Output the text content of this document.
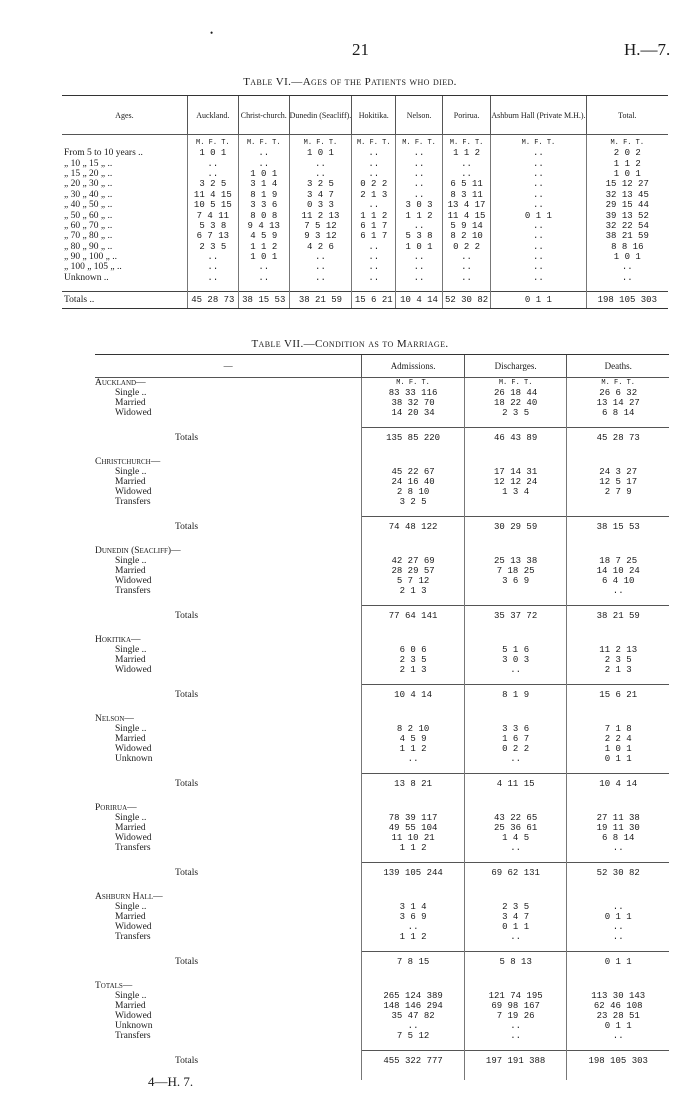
•
21	H.—7.
Table VI.—Ages of the Patients who died.
Ages.	Auckland.	Christ-church.	Dunedin (Seacliff).	Hokitika.	Nelson.	Porirua.	Ashburn Hall (Private M.H.).	Total.
	M. F. T.	M. F. T.	M. F. T.	M. F. T.	M. F. T.	M. F. T.	M. F. T.	M. F. T.
From 5 to 10 years ..	1 0 1	..	1 0 1	..	..	1 1 2	..	2 0 2
„ 10 „ 15 „ ..	..	..	..	..	..	..	..	1 1 2
„ 15 „ 20 „ ..	..	1 0 1	..	..	..	..	..	1 0 1
„ 20 „ 30 „ ..	3 2 5	3 1 4	3 2 5	0 2 2	..	6 5 11	..	15 12 27
„ 30 „ 40 „ ..	11 4 15	8 1 9	3 4 7	2 1 3	..	8 3 11	..	32 13 45
„ 40 „ 50 „ ..	10 5 15	3 3 6	0 3 3	..	3 0 3	13 4 17	..	29 15 44
„ 50 „ 60 „ ..	7 4 11	8 0 8	11 2 13	1 1 2	1 1 2	11 4 15	0 1 1	39 13 52
„ 60 „ 70 „ ..	5 3 8	9 4 13	7 5 12	6 1 7	..	5 9 14	..	32 22 54
„ 70 „ 80 „ ..	6 7 13	4 5 9	9 3 12	6 1 7	5 3 8	8 2 10	..	38 21 59
„ 80 „ 90 „ ..	2 3 5	1 1 2	4 2 6	..	1 0 1	0 2 2	..	8 8 16
„ 90 „ 100 „ ..	..	1 0 1	..	..	..	..	..	1 0 1
„ 100 „ 105 „ ..	..	..	..	..	..	..	..	..
Unknown ..	..	..	..	..	..	..	..	..

Totals ..	45 28 73	38 15 53	38 21 59	15 6 21	10 4 14	52 30 82	0 1 1	198 105 303
Table VII.—Condition as to Marriage.
—	Admissions.	Discharges.	Deaths.
Auckland—	M. F. T.	M. F. T.	M. F. T.
Single ..	83 33 116	26 18 44	26 6 32
Married	38 32 70	18 22 40	13 14 27
Widowed	14 20 34	2 3 5	6 8 14

Totals	135 85 220	46 43 89	45 28 73

Christchurch—			
Single ..	45 22 67	17 14 31	24 3 27
Married	24 16 40	12 12 24	12 5 17
Widowed	2 8 10	1 3 4	2 7 9
Transfers	3 2 5		

Totals	74 48 122	30 29 59	38 15 53

Dunedin (Seacliff)—			
Single ..	42 27 69	25 13 38	18 7 25
Married	28 29 57	7 18 25	14 10 24
Widowed	5 7 12	3 6 9	6 4 10
Transfers	2 1 3		..

Totals	77 64 141	35 37 72	38 21 59

Hokitika—			
Single ..	6 0 6	5 1 6	11 2 13
Married	2 3 5	3 0 3	2 3 5
Widowed	2 1 3	..	2 1 3

Totals	10 4 14	8 1 9	15 6 21

Nelson—			
Single ..	8 2 10	3 3 6	7 1 8
Married	4 5 9	1 6 7	2 2 4
Widowed	1 1 2	0 2 2	1 0 1
Unknown	..	..	0 1 1

Totals	13 8 21	4 11 15	10 4 14

Porirua—			
Single ..	78 39 117	43 22 65	27 11 38
Married	49 55 104	25 36 61	19 11 30
Widowed	11 10 21	1 4 5	6 8 14
Transfers	1 1 2	..	..

Totals	139 105 244	69 62 131	52 30 82

Ashburn Hall—			
Single ..	3 1 4	2 3 5	..
Married	3 6 9	3 4 7	0 1 1
Widowed	..	0 1 1	..
Transfers	1 1 2	..	..

Totals	7 8 15	5 8 13	0 1 1

Totals—			
Single ..	265 124 389	121 74 195	113 30 143
Married	148 146 294	69 98 167	62 46 108
Widowed	35 47 82	7 19 26	23 28 51
Unknown	..	..	0 1 1
Transfers	7 5 12	..	..

Totals	455 322 777	197 191 388	198 105 303

4—H. 7.
